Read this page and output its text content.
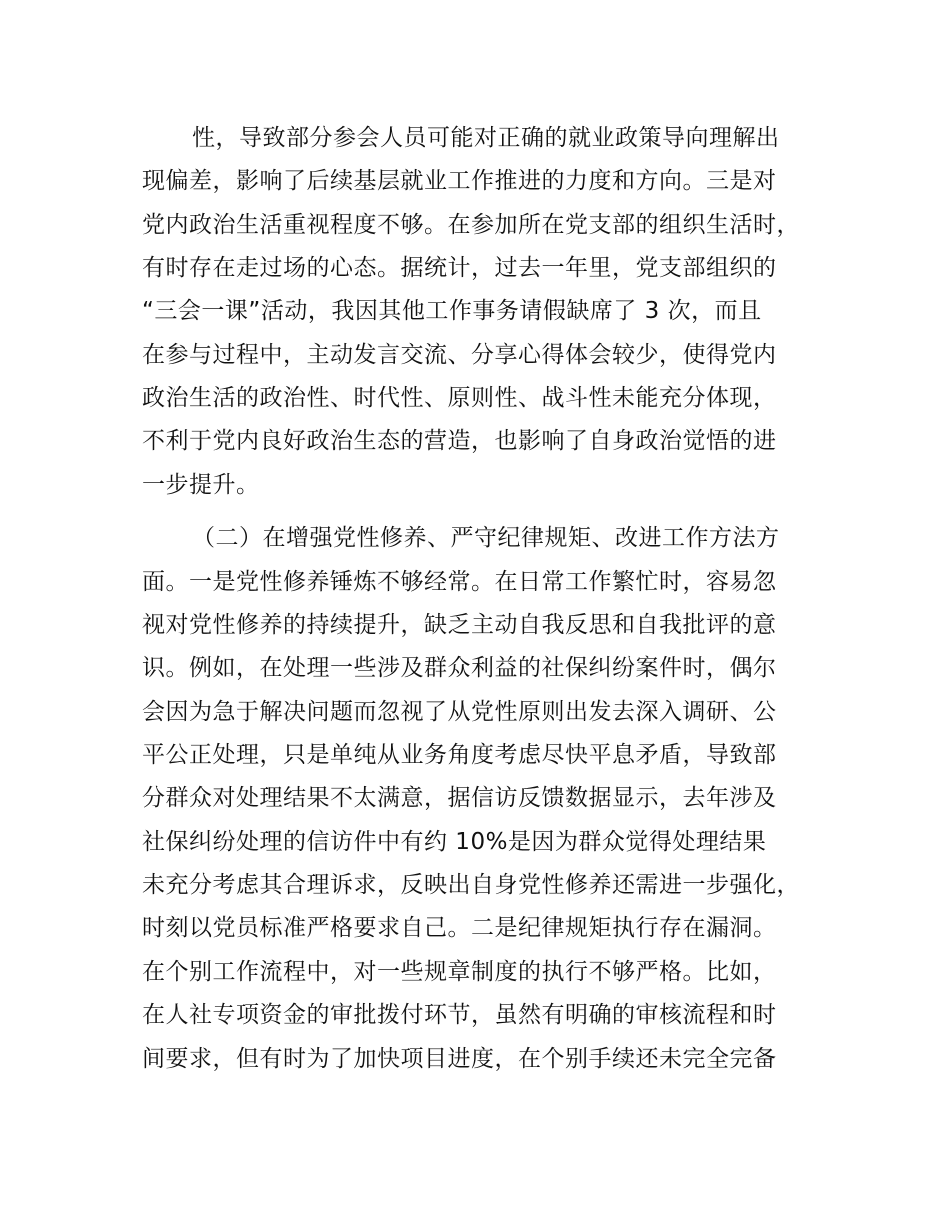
性，导致部分参会人员可能对正确的就业政策导向理解出
现偏差，影响了后续基层就业工作推进的力度和方向。三是对
党内政治生活重视程度不够。在参加所在党支部的组织生活时，
有时存在走过场的心态。据统计，过去一年里，党支部组织的
“三会一课”活动，我因其他工作事务请假缺席了 3 次，而且
在参与过程中，主动发言交流、分享心得体会较少，使得党内
政治生活的政治性、时代性、原则性、战斗性未能充分体现，
不利于党内良好政治生态的营造，也影响了自身政治觉悟的进
一步提升。
（二）在增强党性修养、严守纪律规矩、改进工作方法方
面。一是党性修养锤炼不够经常。在日常工作繁忙时，容易忽
视对党性修养的持续提升，缺乏主动自我反思和自我批评的意
识。例如，在处理一些涉及群众利益的社保纠纷案件时，偶尔
会因为急于解决问题而忽视了从党性原则出发去深入调研、公
平公正处理，只是单纯从业务角度考虑尽快平息矛盾，导致部
分群众对处理结果不太满意，据信访反馈数据显示，去年涉及
社保纠纷处理的信访件中有约 10%是因为群众觉得处理结果
未充分考虑其合理诉求，反映出自身党性修养还需进一步强化，
时刻以党员标准严格要求自己。二是纪律规矩执行存在漏洞。
在个别工作流程中，对一些规章制度的执行不够严格。比如，
在人社专项资金的审批拨付环节，虽然有明确的审核流程和时
间要求，但有时为了加快项目进度，在个别手续还未完全完备
